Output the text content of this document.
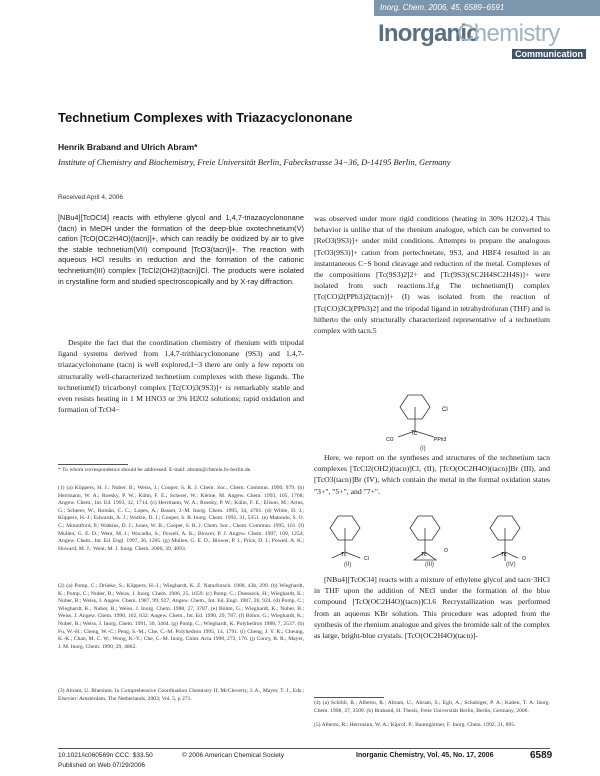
Inorg. Chem. 2006, 45, 6589−6591
Inorganic
Chemistry
Communication
Technetium Complexes with Triazacyclononane
Henrik Braband and Ulrich Abram*
Institute of Chemistry and Biochemistry, Freie Universität Berlin, Fabeckstrasse 34−36, D-14195 Berlin, Germany
Received April 4, 2006
[NBu4][TcOCl4] reacts with ethylene glycol and 1,4,7-triazacyclononane (tacn) in MeOH under the formation of the deep-blue oxotechnetium(V) cation [TcO(OC2H4O)(tacn)]+, which can readily be oxidized by air to give the stable technetium(VII) compound [TcO3(tacn)]+. The reaction with aqueous HCl results in reduction and the formation of the cationic technetium(III) complex [TcCl2(OH2)(tacn)]Cl. The products were isolated in crystalline form and studied spectroscopically and by X-ray diffraction.
Despite the fact that the coordination chemistry of rhenium with tripodal ligand systems derived from 1,4,7-trithiacyclononane (9S3) and 1,4,7-triazacyclononane (tacn) is well explored,1−3 there are only a few reports on structurally well-characterized technetium complexes with these ligands. The technetium(I) tricarbonyl complex [Tc(CO)3(9S3)]+ is remarkably stable and even resists heating in 1 M HNO3 or 3% H2O2 solutions; rapid oxidation and formation of TcO4−
* To whom correspondence should be addressed. E-mail: abram@chemie.fu-berlin.de.
(1) (a) Küppers, H. J.; Nuber, B.; Weiss, J.; Cooper, S. R. J. Chem. Soc., Chem. Commun. 1990, 979. (b) Herrmann, W. A.; Roesky, P. W.; Kühn, F. E.; Scherer, W.; Kleine, M. Angew. Chem. 1993, 105, 1768; Angew. Chem., Int. Ed. 1993, 32, 1714. (c) Herrmann, W. A.; Roesky, P. W.; Kühn, F. E.; Elison, M.; Artus, G.; Scherer, W.; Romão, C. C.; Lopes, A.; Basset, J.-M. Inorg. Chem. 1995, 34, 4701. (d) White, D. J.; Küppers, H.-J.; Edwards, A. J.; Watkin, D. J.; Cooper, S. R. Inorg. Chem. 1992, 31, 5351. (e) Matondo, S. O. C.; Mountford, P.; Watkins, D. J.; Jones, W. B.; Cooper, S. R. J. Chem. Soc., Chem. Commun. 1995, 161. (f) Mullen, G. E. D.; Went, M. J.; Wocadlo, S.; Powell, A. K.; Blower, P. J. Angew. Chem. 1997, 109, 1254; Angew. Chem., Int. Ed. Engl. 1997, 36, 1205. (g) Mullen, G. E. D.; Blower, P. J.; Price, D. J.; Powell, A. K.; Howard, M. J.; Went, M. J. Inorg. Chem. 2000, 39, 4093.
(2) (a) Pomp, C.; Drüeke, S.; Küppers, H.-J.; Wieghardt, K. Z. Naturforsch. 1988, 43b, 299. (b) Wieghardt, K.; Pomp, C.; Nuber, B.; Weiss, J. Inorg. Chem. 1986, 25, 1659. (c) Pomp, C.; Duesseck, H.; Wieghardt, K.; Nuber, B.; Weiss, J. Angew. Chem. 1987, 99, 927; Angew. Chem., Int. Ed. Engl. 1987, 26, 924. (d) Pomp, C.; Wieghardt, K.; Nuber, B.; Weiss, J. Inorg. Chem. 1988, 27, 3787. (e) Böhm, G.; Wieghardt, K.; Nuber, B.; Weiss, J. Angew. Chem. 1990, 102, 832; Angew. Chem., Int. Ed. 1990, 29, 787. (f) Böhm, G.; Wieghardt, K.; Nuber, B.; Weiss, J. Inorg. Chem. 1991, 30, 3464. (g) Pomp, C.; Wieghardt, K. Polyhedron 1988, 7, 2537. (h) Fu, W.-H.; Cheng, W.-C.; Peng, S.-M.; Che, C.-M. Polyhedron 1995, 14, 1791. (i) Cheng, J. Y. K.; Cheung, K.-K.; Chan, M. C. W.; Wong, K.-Y.; Che, C.-M. Inorg. Chim. Acta 1998, 272, 176. (j) Conry, R. R.; Mayer, J. M. Inorg. Chem. 1990, 29, 4862.
(3) Abram, U. Rhenium. In Comprehensive Coordination Chemistry II; McCleverty, J. A., Mayer, T. J., Eds.; Elsevier: Amsterdam, The Netherlands, 2003; Vol. 5, p 271.
was observed under more rigid conditions (heating in 30% H2O2).4 This behavior is unlike that of the rhenium analogue, which can be converted to [ReO3(9S3)]+ under mild conditions. Attempts to prepare the analogous [TcO3(9S3)]+ cation from pertechnetate, 9S3, and HBF4 resulted in an instantaneous C−S bond cleavage and reduction of the metal. Complexes of the compositions [Tc(9S3)2]2+ and [Tc(9S3)(SC2H4SC2H4S)]+ were isolated from such reactions.1f,g The technetium(I) complex [Tc(CO)2(PPh3)2(tacn)]+ (I) was isolated from the reaction of [Tc(CO)3Cl(PPh3)2] and the tripodal ligand in tetrahydrofuran (THF) and is hitherto the only structurally characterized representative of a technetium complex with tacn.5
Tc
CO	PPh3
Cl
(I)
Here, we report on the syntheses and structures of the technetium tacn complexes [TcCl2(OH2)(tacn)]Cl, (II), [TcO(OC2H4O)(tacn)]Br (III), and [TcO3(tacn)]Br (IV), which contain the metal in the formal oxidation states "3+", "5+", and "7+".
Tc
Cl
(II)
Tc
O
(III)
Tc
O
(IV)
[NBu4][TcOCl4] reacts with a mixture of ethylene glycol and tacn·3HCl in THF upon the addition of NEt3 under the formation of the blue compound [TcO(OC2H4O)(tacn)]Cl.6 Recrystallization was performed from an aqueous KBr solution. This procedure was adopted from the synthesis of the rhenium analogue and gives the bromide salt of the complex as large, bright-blue crystals. [TcO(OC2H4O)(tacn)]-
(4) (a) Schibli, R.; Alberto, R.; Abram, U.; Abram, S.; Egli, A.; Schubiger, P. A.; Kaden, T. A. Inorg. Chem. 1998, 37, 3509. (b) Braband, H. Thesis, Freie Universität Berlin, Berlin, Germany, 2006.
(5) Alberto, R.; Herrmann, W. A.; Kiprof, P.; Baumgärtner, F. Inorg. Chem. 1992, 31, 895.
10.1021/ic060569n CCC: $33.50	© 2006 American Chemical Society
Published on Web 07/29/2006
Inorganic Chemistry, Vol. 45, No. 17, 2006	6589
